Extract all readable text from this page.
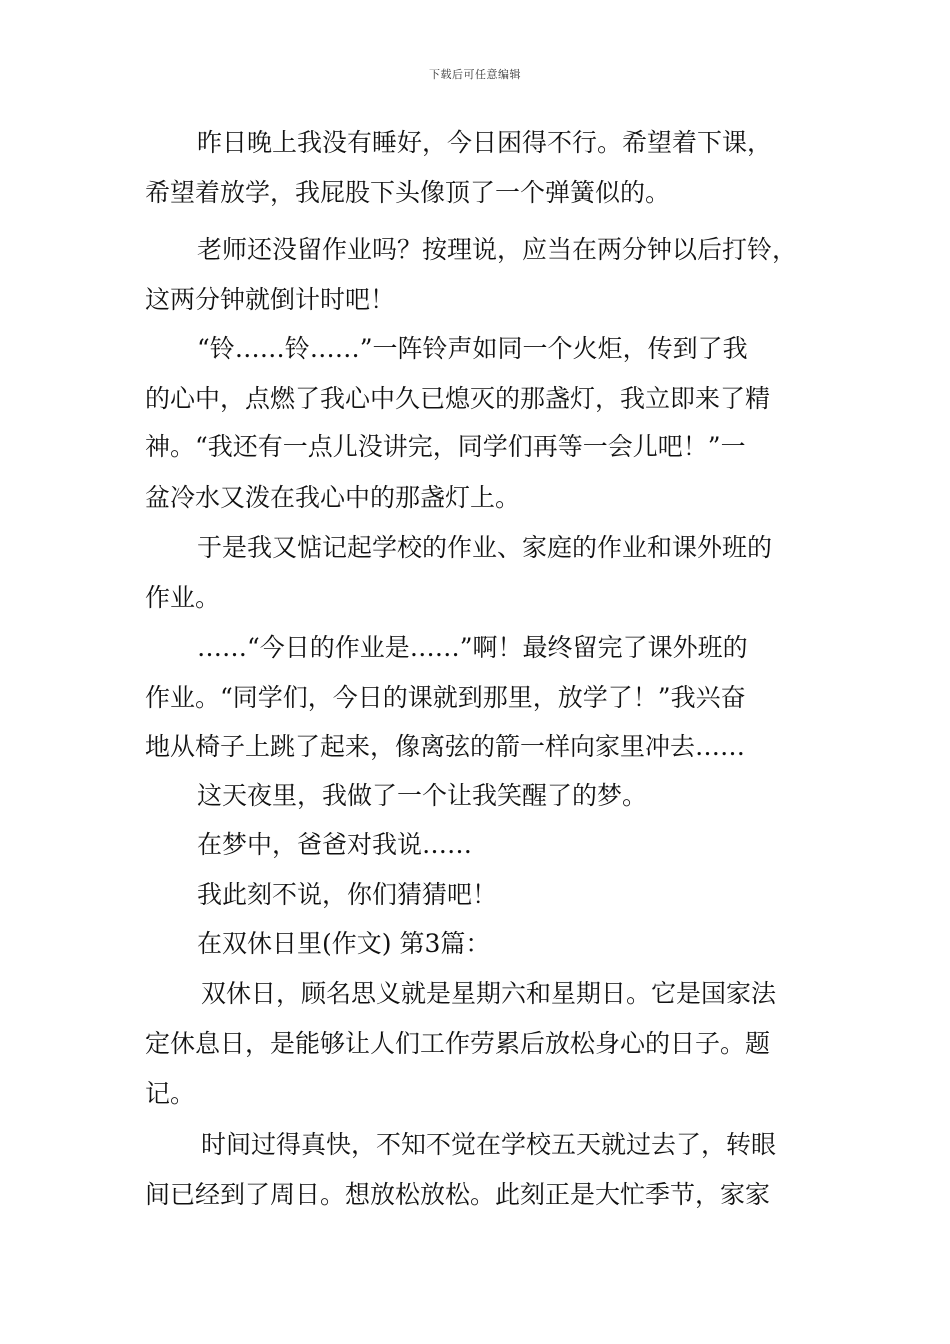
下载后可任意编辑
昨日晚上我没有睡好，今日困得不行。希望着下课，
希望着放学，我屁股下头像顶了一个弹簧似的。
老师还没留作业吗？按理说，应当在两分钟以后打铃，
这两分钟就倒计时吧！
“铃……铃……”一阵铃声如同一个火炬，传到了我
的心中，点燃了我心中久已熄灭的那盏灯，我立即来了精
神。“我还有一点儿没讲完，同学们再等一会儿吧！”一
盆冷水又泼在我心中的那盏灯上。
于是我又惦记起学校的作业、家庭的作业和课外班的
作业。
……“今日的作业是……”啊！最终留完了课外班的
作业。“同学们，今日的课就到那里，放学了！”我兴奋
地从椅子上跳了起来，像离弦的箭一样向家里冲去……
这天夜里，我做了一个让我笑醒了的梦。
在梦中，爸爸对我说……
我此刻不说，你们猜猜吧！
在双休日里(作文) 第3篇：
双休日，顾名思义就是星期六和星期日。它是国家法
定休息日，是能够让人们工作劳累后放松身心的日子。题
记。
时间过得真快，不知不觉在学校五天就过去了，转眼
间已经到了周日。想放松放松。此刻正是大忙季节，家家
